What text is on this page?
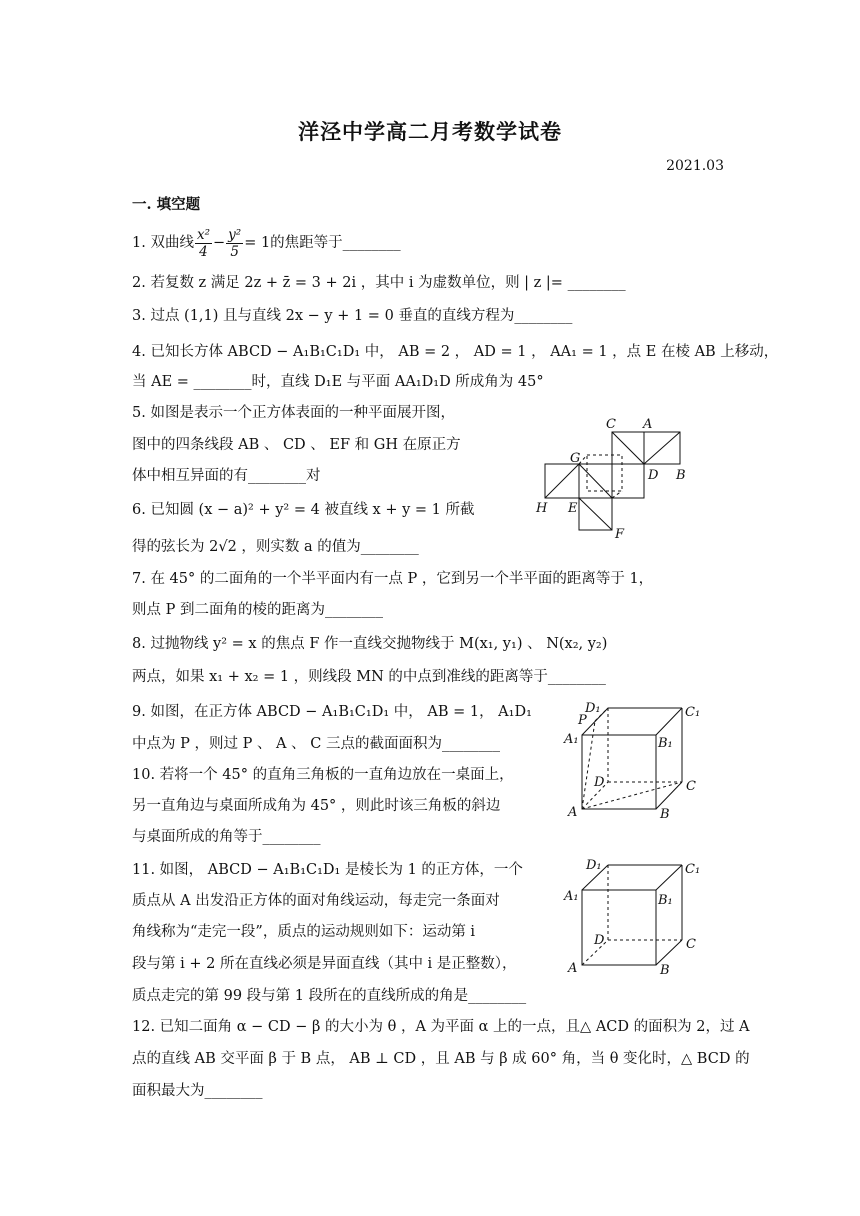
洋泾中学高二月考数学试卷
2021.03
一. 填空题
1. 双曲线 $\frac{\text{x²}}{4} - \frac{\text{y²}}{5} = 1$的焦距等于________
2. 若复数 z 满足 2z + z̄ = 3 + 2i ，其中 i 为虚数单位，则 | z |= ________
3. 过点 (1,1) 且与直线 2x − y + 1 = 0 垂直的直线方程为________
4. 已知长方体 ABCD − A₁B₁C₁D₁ 中， AB = 2 ， AD = 1 ， AA₁ = 1 ，点 E 在棱 AB 上移动，
当 AE = ________时，直线 D₁E 与平面 AA₁D₁D 所成角为 45°
5. 如图是表示一个正方体表面的一种平面展开图，
图中的四条线段 AB 、 CD 、 EF 和 GH 在原正方
体中相互异面的有________对
6. 已知圆 (x − a)² + y² = 4 被直线 x + y = 1 所截
得的弦长为 2√2 ，则实数 a 的值为________
7. 在 45° 的二面角的一个半平面内有一点 P ，它到另一个半平面的距离等于 1，
则点 P 到二面角的棱的距离为________
8. 过抛物线 y² = x 的焦点 F 作一直线交抛物线于 M(x₁, y₁) 、 N(x₂, y₂)
两点，如果 x₁ + x₂ = 1 ，则线段 MN 的中点到准线的距离等于________
9. 如图，在正方体 ABCD − A₁B₁C₁D₁ 中， AB = 1， A₁D₁
中点为 P ，则过 P 、 A 、 C 三点的截面面积为________
10. 若将一个 45° 的直角三角板的一直角边放在一桌面上，
另一直角边与桌面所成角为 45° ，则此时该三角板的斜边
与桌面所成的角等于________
11. 如图， ABCD − A₁B₁C₁D₁ 是棱长为 1 的正方体，一个
质点从 A 出发沿正方体的面对角线运动，每走完一条面对
角线称为“走完一段”，质点的运动规则如下：运动第 i
段与第 i + 2 所在直线必须是异面直线（其中 i 是正整数），
质点走完的第 99 段与第 1 段所在的直线所成的角是________
12. 已知二面角 α − CD − β 的大小为 θ ，A 为平面 α 上的一点，且△ ACD 的面积为 2，过 A
点的直线 AB 交平面 β 于 B 点， AB ⊥ CD ，且 AB 与 β 成 60° 角，当 θ 变化时，△ BCD 的
面积最大为________
C A
G
D B
H E
F
D₁
P
C₁
A₁	B₁
D	C
A	B
D₁	C₁
A₁	B₁
D	C
A	B
